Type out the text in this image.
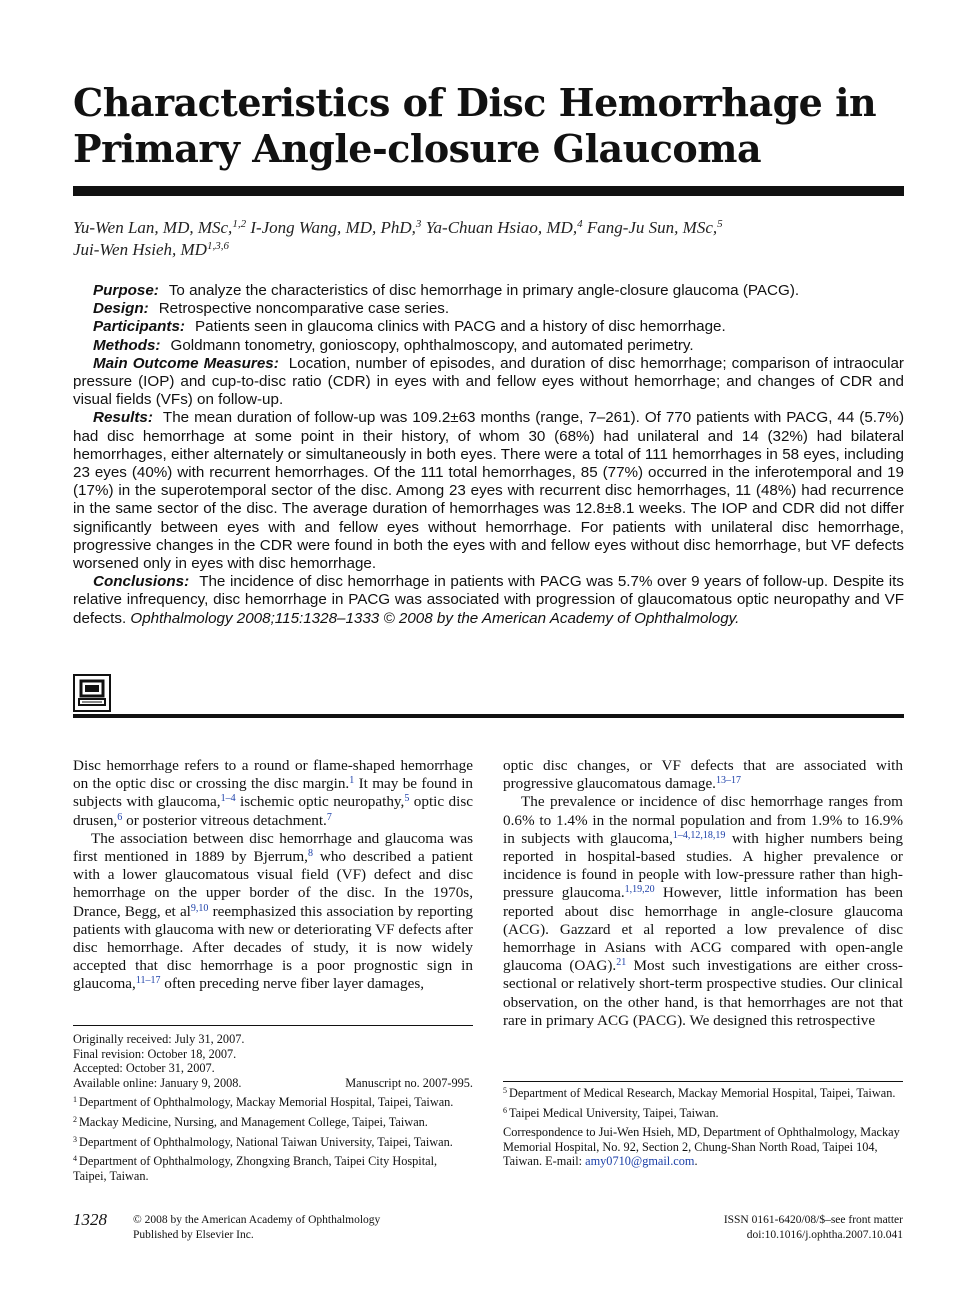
Characteristics of Disc Hemorrhage in Primary Angle-closure Glaucoma
Yu-Wen Lan, MD, MSc,$^{1,2}$ I-Jong Wang, MD, PhD,$^3$ Ya-Chuan Hsiao, MD,$^4$ Fang-Ju Sun, MSc,$^5$
Jui-Wen Hsieh, MD$^{1,3,6}$

Purpose: To analyze the characteristics of disc hemorrhage in primary angle-closure glaucoma (PACG).

Design: Retrospective noncomparative case series.

Participants: Patients seen in glaucoma clinics with PACG and a history of disc hemorrhage.

Methods: Goldmann tonometry, gonioscopy, ophthalmoscopy, and automated perimetry.

Main Outcome Measures: Location, number of episodes, and duration of disc hemorrhage; comparison of intraocular pressure (IOP) and cup-to-disc ratio (CDR) in eyes with and fellow eyes without hemorrhage; and changes of CDR and visual fields (VFs) on follow-up.

Results: The mean duration of follow-up was 109.2±63 months (range, 7–261). Of 770 patients with PACG, 44 (5.7%) had disc hemorrhage at some point in their history, of whom 30 (68%) had unilateral and 14 (32%) had bilateral hemorrhages, either alternately or simultaneously in both eyes. There were a total of 111 hemorrhages in 58 eyes, including 23 eyes (40%) with recurrent hemorrhages. Of the 111 total hemorrhages, 85 (77%) occurred in the inferotemporal and 19 (17%) in the superotemporal sector of the disc. Among 23 eyes with recurrent disc hemorrhages, 11 (48%) had recurrence in the same sector of the disc. The average duration of hemorrhages was 12.8±8.1 weeks. The IOP and CDR did not differ significantly between eyes with and fellow eyes without hemorrhage. For patients with unilateral disc hemorrhage, progressive changes in the CDR were found in both the eyes with and fellow eyes without disc hemorrhage, but VF defects worsened only in eyes with disc hemorrhage.

Conclusions: The incidence of disc hemorrhage in patients with PACG was 5.7% over 9 years of follow-up. Despite its relative infrequency, disc hemorrhage in PACG was associated with progression of glaucomatous optic neuropathy and VF defects. Ophthalmology 2008;115:1328–1333 © 2008 by the American Academy of Ophthalmology.

Disc hemorrhage refers to a round or flame-shaped hemorrhage on the optic disc or crossing the disc margin.$^1$ It may be found in subjects with glaucoma,$^{1-4}$ ischemic optic neuropathy,$^5$ optic disc drusen,$^6$ or posterior vitreous detachment.$^7$

The association between disc hemorrhage and glaucoma was first mentioned in 1889 by Bjerrum,$^8$ who described a patient with a lower glaucomatous visual field (VF) defect and disc hemorrhage on the upper border of the disc. In the 1970s, Drance, Begg, et al$^{9,10}$ reemphasized this association by reporting patients with glaucoma with new or deteriorating VF defects after disc hemorrhage. After decades of study, it is now widely accepted that disc hemorrhage is a poor prognostic sign in glaucoma,$^{11-17}$ often preceding nerve fiber layer damages,

optic disc changes, or VF defects that are associated with progressive glaucomatous damage.$^{13-17}$

The prevalence or incidence of disc hemorrhage ranges from 0.6% to 1.4% in the normal population and from 1.9% to 16.9% in subjects with glaucoma,$^{1-4,12,18,19}$ with higher numbers being reported in hospital-based studies. A higher prevalence or incidence is found in people with low-pressure rather than high-pressure glaucoma.$^{1,19,20}$ However, little information has been reported about disc hemorrhage in angle-closure glaucoma (ACG). Gazzard et al reported a low prevalence of disc hemorrhage in Asians with ACG compared with open-angle glaucoma (OAG).$^{21}$ Most such investigations are either cross-sectional or relatively short-term prospective studies. Our clinical observation, on the other hand, is that hemorrhages are not that rare in primary ACG (PACG). We designed this retrospective

Originally received: July 31, 2007.

Final revision: October 18, 2007.

Accepted: October 31, 2007.

Available online: January 9, 2008.	Manuscript no. 2007-995.

$^1$ Department of Ophthalmology, Mackay Memorial Hospital, Taipei, Taiwan.

$^2$ Mackay Medicine, Nursing, and Management College, Taipei, Taiwan.

$^3$ Department of Ophthalmology, National Taiwan University, Taipei, Taiwan.

$^4$ Department of Ophthalmology, Zhongxing Branch, Taipei City Hospital, Taipei, Taiwan.

$^5$ Department of Medical Research, Mackay Memorial Hospital, Taipei, Taiwan.

$^6$ Taipei Medical University, Taipei, Taiwan.

Correspondence to Jui-Wen Hsieh, MD, Department of Ophthalmology, Mackay Memorial Hospital, No. 92, Section 2, Chung-Shan North Road, Taipei 104, Taiwan. E-mail: amy0710@gmail.com.

1328 © 2008 by the American Academy of Ophthalmology
Published by Elsevier Inc.
ISSN 0161-6420/08/$–see front matter
doi:10.1016/j.ophtha.2007.10.041
